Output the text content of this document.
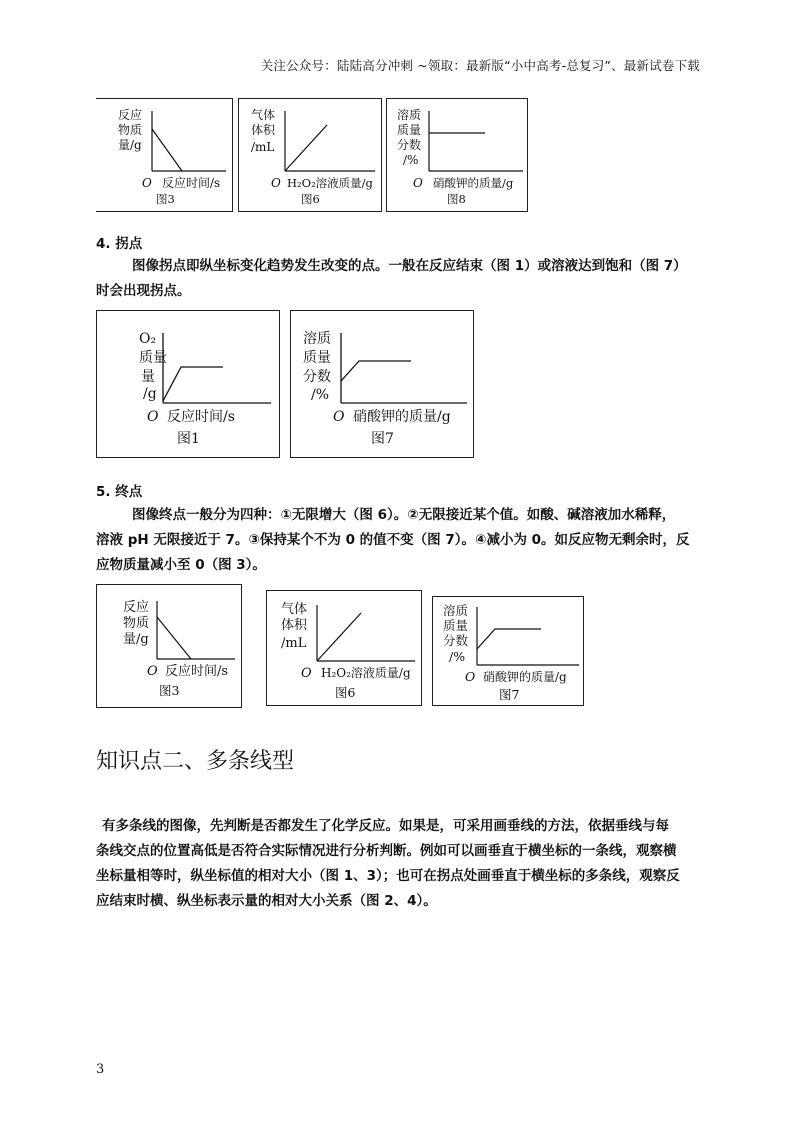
关注公众号：陆陆高分冲刺 ~领取：最新版“小中高考-总复习”、最新试卷下载
反应
物质
量/g
O 反应时间/s
图3
气体
体积
/mL
O H₂O₂溶液质量/g
图6
溶质
质量
分数
/%
O 硝酸钾的质量/g
图8
4. 拐点
图像拐点即纵坐标变化趋势发生改变的点。一般在反应结束（图 1）或溶液达到饱和（图 7）
时会出现拐点。
O₂
质量
量
/g
O 反应时间/s
图1
溶质
质量
分数
/%
O 硝酸钾的质量/g
图7
5. 终点
图像终点一般分为四种：①无限增大（图 6）。②无限接近某个值。如酸、碱溶液加水稀释，
溶液 pH 无限接近于 7。③保持某个不为 0 的值不变（图 7）。④减小为 0。如反应物无剩余时，反
应物质量减小至 0（图 3）。
反应
物质
量/g
O 反应时间/s
图3
气体
体积
/mL
O H₂O₂溶液质量/g
图6
溶质
质量
分数
/%
O 硝酸钾的质量/g
图7
知识点二、多条线型
有多条线的图像，先判断是否都发生了化学反应。如果是，可采用画垂线的方法，依据垂线与每
条线交点的位置高低是否符合实际情况进行分析判断。例如可以画垂直于横坐标的一条线，观察横
坐标量相等时，纵坐标值的相对大小（图 1、3）；也可在拐点处画垂直于横坐标的多条线，观察反
应结束时横、纵坐标表示量的相对大小关系（图 2、4）。
3
